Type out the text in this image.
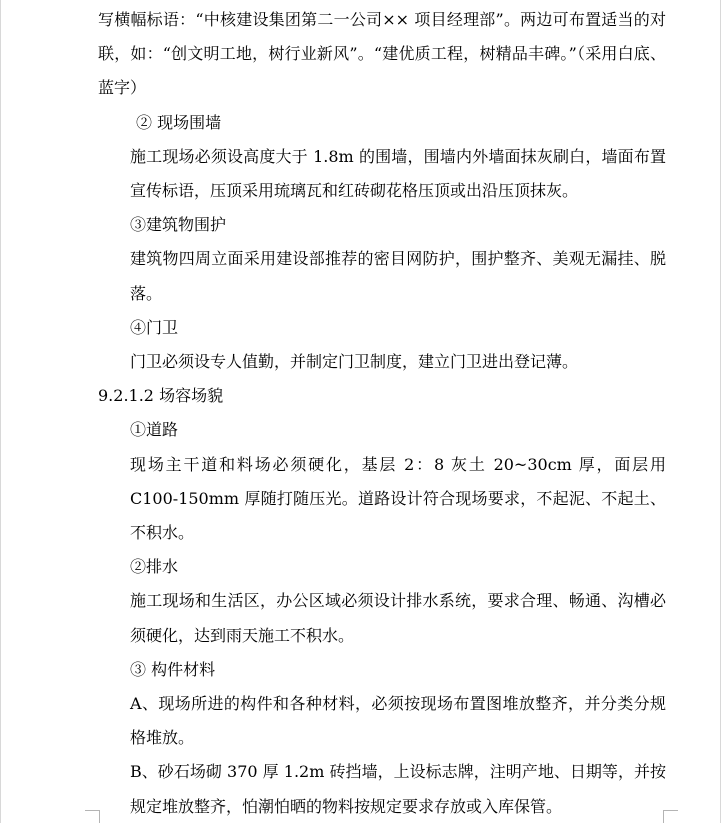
写横幅标语：“中核建设集团第二一公司×× 项目经理部”。两边可布置适当的对联，如：“创文明工地，树行业新风”。“建优质工程，树精品丰碑。”（采用白底、蓝字）

② 现场围墙

施工现场必须设高度大于 1.8m 的围墙，围墙内外墙面抹灰刷白，墙面布置宣传标语，压顶采用琉璃瓦和红砖砌花格压顶或出沿压顶抹灰。

③建筑物围护

建筑物四周立面采用建设部推荐的密目网防护，围护整齐、美观无漏挂、脱落。

④门卫

门卫必须设专人值勤，并制定门卫制度，建立门卫进出登记薄。

9.2.1.2 场容场貌

①道路

现场主干道和料场必须硬化，基层 2：8 灰土 20~30cm 厚，面层用 C100-150mm 厚随打随压光。道路设计符合现场要求，不起泥、不起土、不积水。

②排水

施工现场和生活区，办公区域必须设计排水系统，要求合理、畅通、沟槽必须硬化，达到雨天施工不积水。

③ 构件材料

A、现场所进的构件和各种材料，必须按现场布置图堆放整齐，并分类分规格堆放。

B、砂石场砌 370 厚 1.2m 砖挡墙，上设标志牌，注明产地、日期等，并按规定堆放整齐，怕潮怕晒的物料按规定要求存放或入库保管。
